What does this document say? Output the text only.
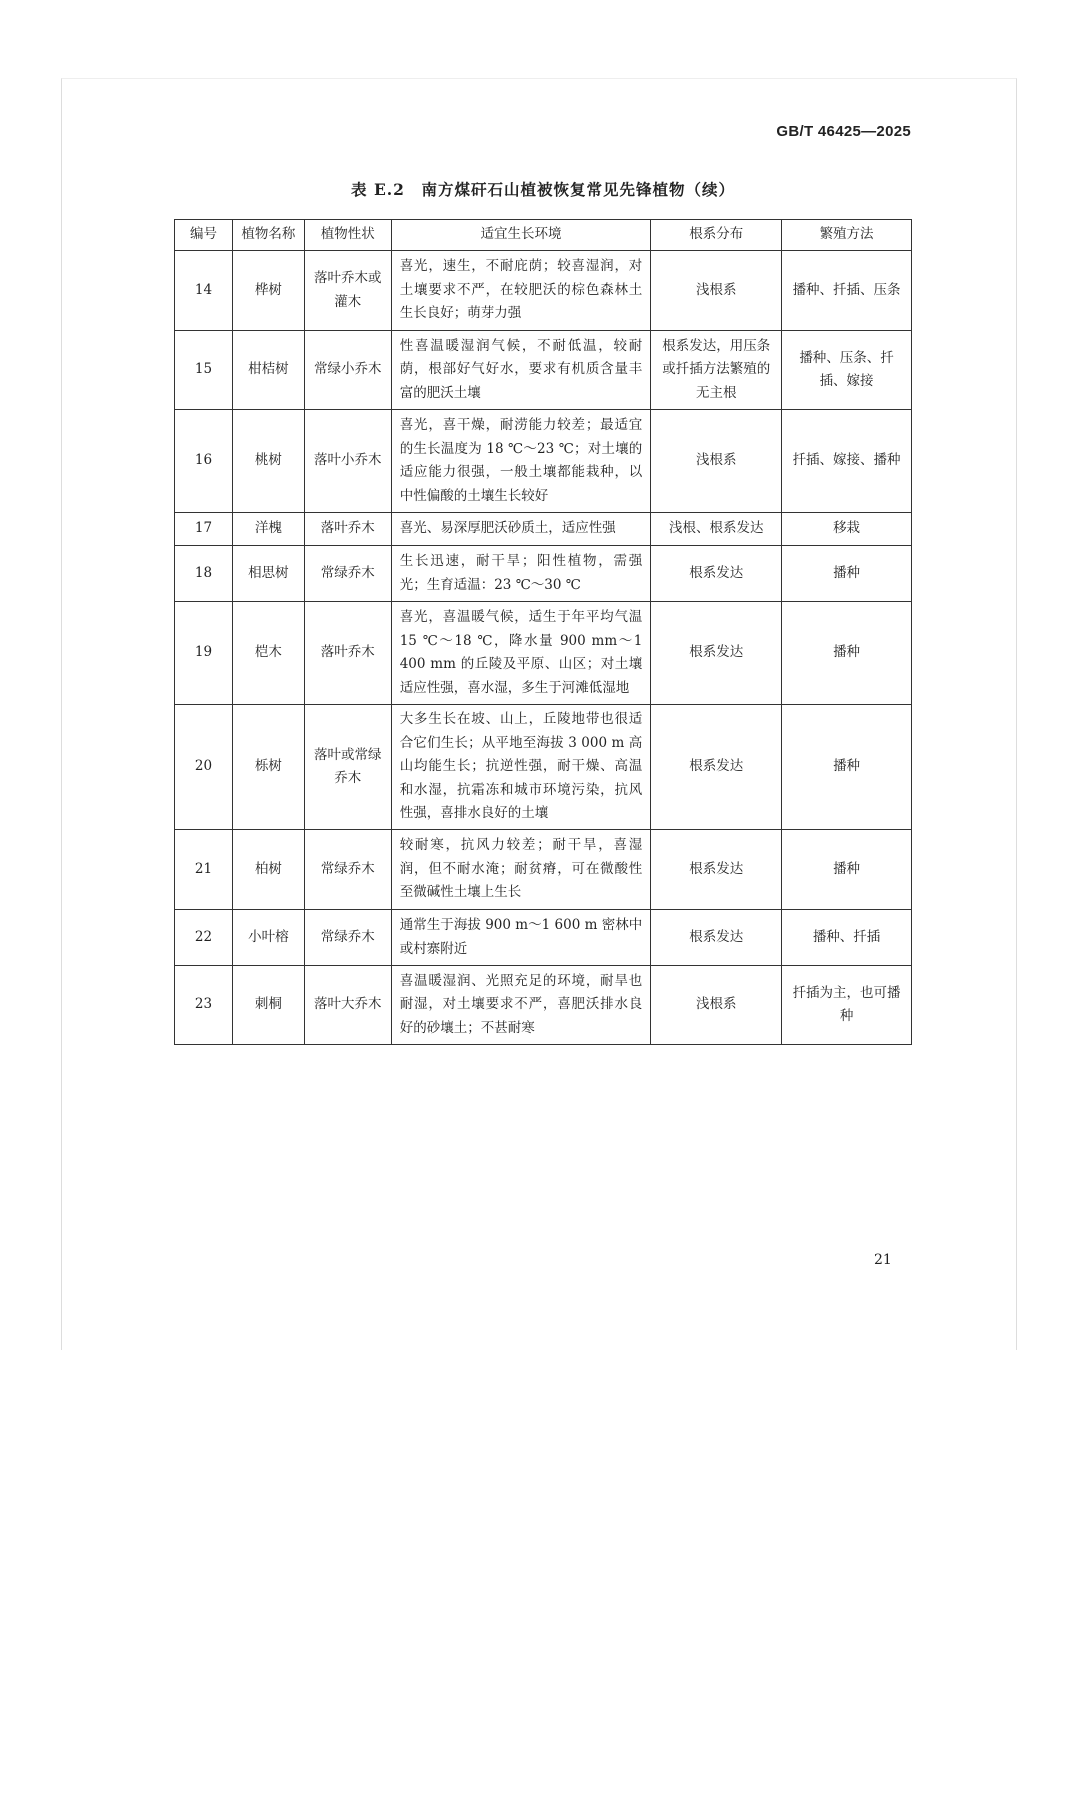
GB/T 46425—2025
表 E.2　南方煤矸石山植被恢复常见先锋植物（续）
编号	植物名称	植物性状	适宜生长环境	根系分布	繁殖方法
14	桦树	落叶乔木或灌木	喜光，速生，不耐庇荫；较喜湿润，对土壤要求不严，在较肥沃的棕色森林土生长良好；萌芽力强	浅根系	播种、扦插、压条
15	柑桔树	常绿小乔木	性喜温暖湿润气候，不耐低温，较耐荫，根部好气好水，要求有机质含量丰富的肥沃土壤	根系发达，用压条或扦插方法繁殖的无主根	播种、压条、扦插、嫁接
16	桃树	落叶小乔木	喜光，喜干燥，耐涝能力较差；最适宜的生长温度为 18 ℃～23 ℃；对土壤的适应能力很强，一般土壤都能栽种，以中性偏酸的土壤生长较好	浅根系	扦插、嫁接、播种
17	洋槐	落叶乔木	喜光、易深厚肥沃砂质土，适应性强	浅根、根系发达	移栽
18	相思树	常绿乔木	生长迅速，耐干旱；阳性植物，需强光；生育适温：23 ℃～30 ℃	根系发达	播种
19	桤木	落叶乔木	喜光，喜温暖气候，适生于年平均气温 15 ℃～18 ℃，降水量 900 mm～1 400 mm 的丘陵及平原、山区；对土壤适应性强，喜水湿，多生于河滩低湿地	根系发达	播种
20	栎树	落叶或常绿乔木	大多生长在坡、山上，丘陵地带也很适合它们生长；从平地至海拔 3 000 m 高山均能生长；抗逆性强，耐干燥、高温和水湿，抗霜冻和城市环境污染，抗风性强，喜排水良好的土壤	根系发达	播种
21	柏树	常绿乔木	较耐寒，抗风力较差；耐干旱，喜湿润，但不耐水淹；耐贫瘠，可在微酸性至微碱性土壤上生长	根系发达	播种
22	小叶榕	常绿乔木	通常生于海拔 900 m～1 600 m 密林中或村寨附近	根系发达	播种、扦插
23	刺桐	落叶大乔木	喜温暖湿润、光照充足的环境，耐旱也耐湿，对土壤要求不严，喜肥沃排水良好的砂壤土；不甚耐寒	浅根系	扦插为主，也可播种
21
